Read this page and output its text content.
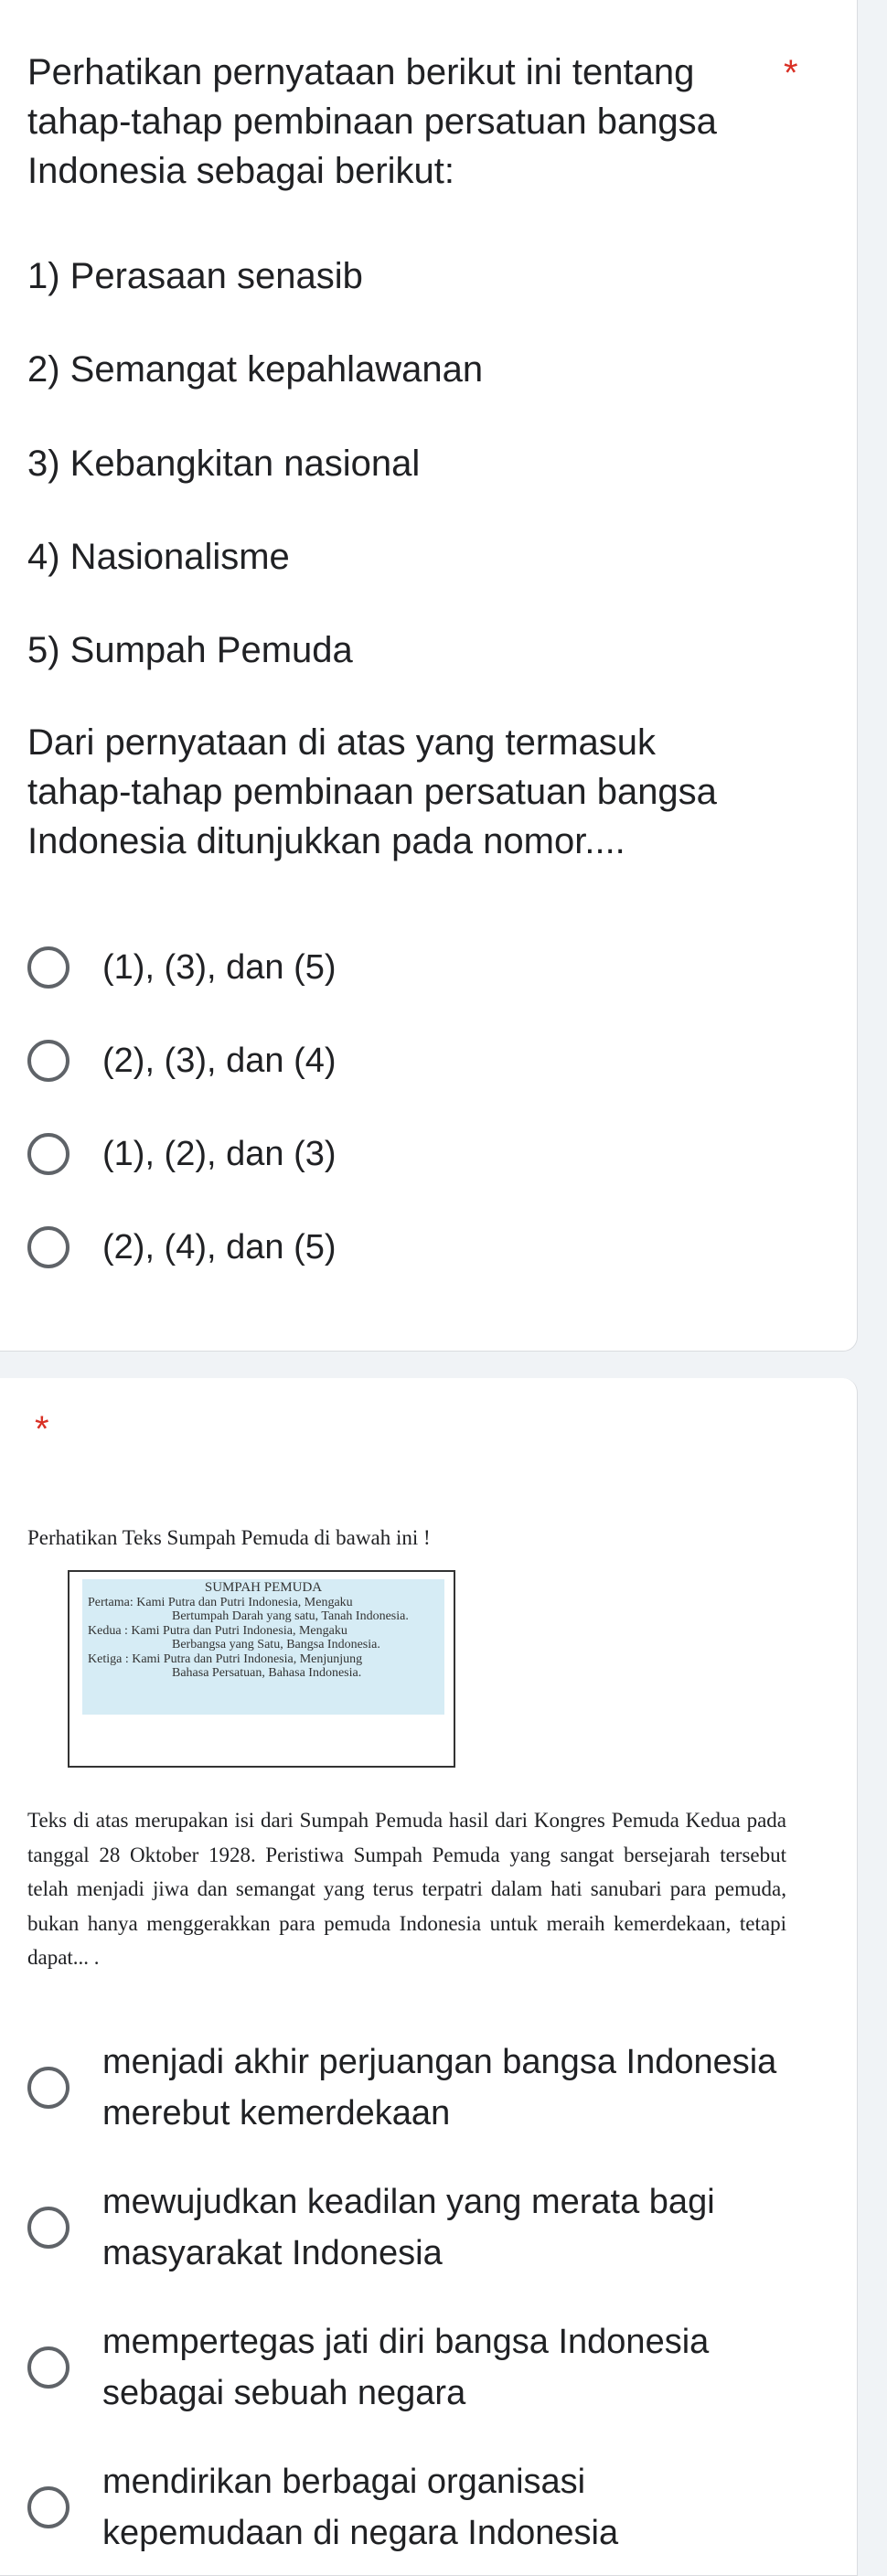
Perhatikan pernyataan berikut ini tentang
tahap-tahap pembinaan persatuan bangsa
Indonesia sebagai berikut:
*
1) Perasaan senasib
2) Semangat kepahlawanan
3) Kebangkitan nasional
4) Nasionalisme
5) Sumpah Pemuda
Dari pernyataan di atas yang termasuk
tahap-tahap pembinaan persatuan bangsa
Indonesia ditunjukkan pada nomor....
(1), (3), dan (5)
(2), (3), dan (4)
(1), (2), dan (3)
(2), (4), dan (5)
*
Perhatikan Teks Sumpah Pemuda di bawah ini !
SUMPAH PEMUDA
Pertama: Kami Putra dan Putri Indonesia, Mengaku
Bertumpah Darah yang satu, Tanah Indonesia.
Kedua : Kami Putra dan Putri Indonesia, Mengaku
Berbangsa yang Satu, Bangsa Indonesia.
Ketiga : Kami Putra dan Putri Indonesia, Menjunjung
Bahasa Persatuan, Bahasa Indonesia.
Teks di atas merupakan isi dari Sumpah Pemuda hasil dari Kongres Pemuda Kedua pada tanggal 28 Oktober 1928. Peristiwa Sumpah Pemuda yang sangat bersejarah tersebut telah menjadi jiwa dan semangat yang terus terpatri dalam hati sanubari para pemuda, bukan hanya menggerakkan para pemuda Indonesia untuk meraih kemerdekaan, tetapi dapat... .
menjadi akhir perjuangan bangsa Indonesia
merebut kemerdekaan
mewujudkan keadilan yang merata bagi
masyarakat Indonesia
mempertegas jati diri bangsa Indonesia
sebagai sebuah negara
mendirikan berbagai organisasi
kepemudaan di negara Indonesia
